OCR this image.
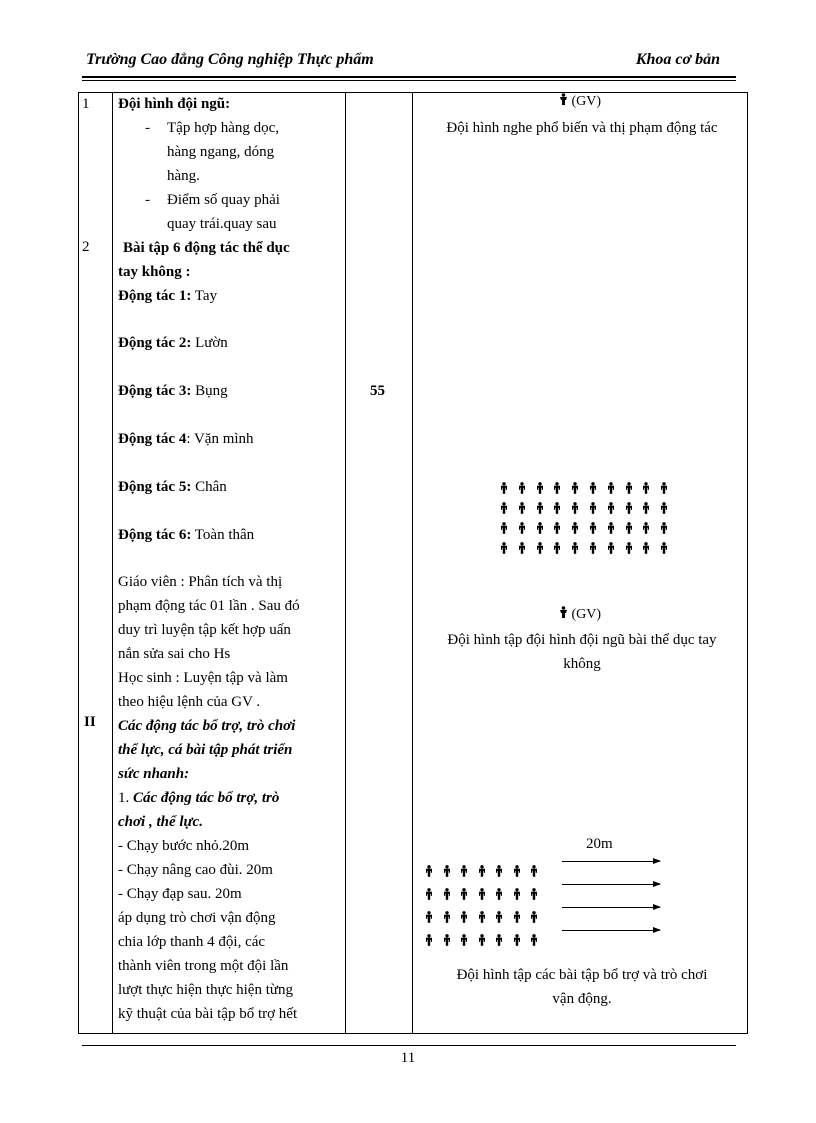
Trường Cao đẳng Công nghiệp Thực phẩm	Khoa cơ bản
1
2
II
Đội hình đội ngũ:
- Tập hợp hàng dọc,
hàng ngang, dóng
hàng.
- Điểm số quay phải
quay trái.quay sau
Bài tập 6 động tác thể dục
tay không :
Động tác 1: Tay
Động tác 2: Lườn
Động tác 3: Bụng
Động tác 4: Vặn mình
Động tác 5: Chân
Động tác 6: Toàn thân
Giáo viên : Phân tích và thị
phạm động tác 01 lần . Sau đó
duy trì luyện tập kết hợp uấn
nắn sửa sai cho Hs
Học sinh : Luyện tập và làm
theo hiệu lệnh của GV .
Các động tác bổ trợ, trò chơi
thể lực, cá bài tập phát triển
sức nhanh:
1. Các động tác bổ trợ, trò
chơi , thể lực.
- Chạy bước nhỏ.20m
- Chạy nâng cao đùi. 20m
- Chạy đạp sau. 20m
áp dụng trò chơi vận động
chia lớp thanh 4 đội, các
thành viên trong một đội lần
lượt thực hiện thực hiện từng
kỹ thuật của bài tập bổ trợ hết
55
(GV)
Đội hình nghe phổ biến và thị phạm động tác
(GV)
Đội hình tập đội hình đội ngũ bài thể dục tay
không
20m
Đội hình tập các bài tập bổ trợ và trò chơi
vận động.
11
